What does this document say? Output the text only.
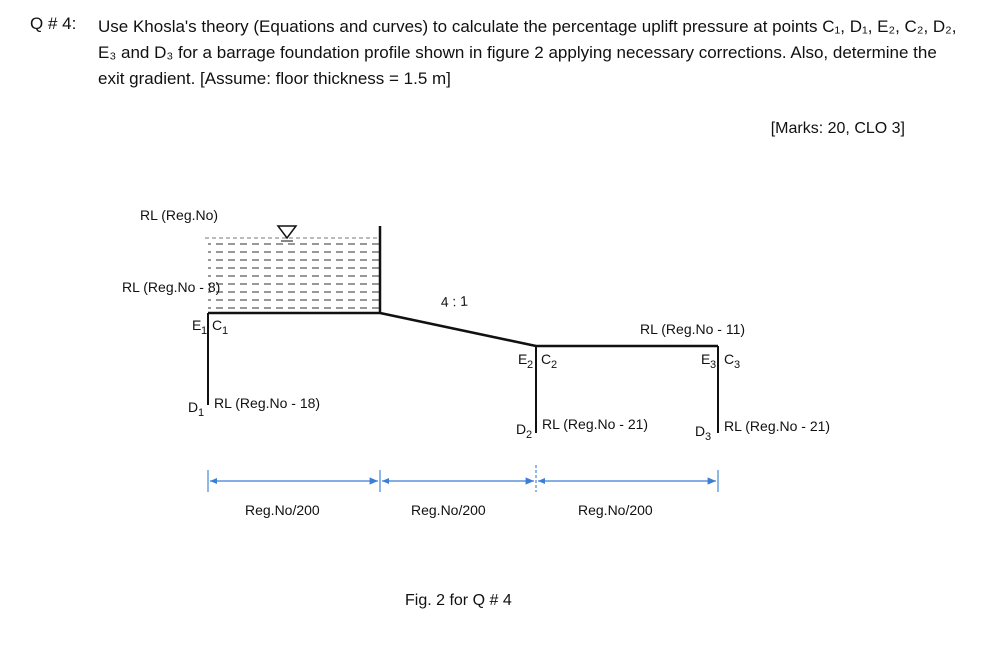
Q # 4: Use Khosla's theory (Equations and curves) to calculate the percentage uplift pressure at points C₁, D₁, E₂, C₂, D₂, E₃ and D₃ for a barrage foundation profile shown in figure 2 applying necessary corrections. Also, determine the exit gradient. [Assume: floor thickness = 1.5 m]
[Marks: 20, CLO 3]
RL (Reg.No)
RL (Reg.No - 8)
4 : 1
RL (Reg.No - 11)
RL (Reg.No - 18)
RL (Reg.No - 21)	RL (Reg.No - 21)
E 1 C 1
D 1
E 2 C 2
D 2
E 3 C 3
D 3
Reg.No/200	Reg.No/200	Reg.No/200
Fig. 2 for Q # 4
